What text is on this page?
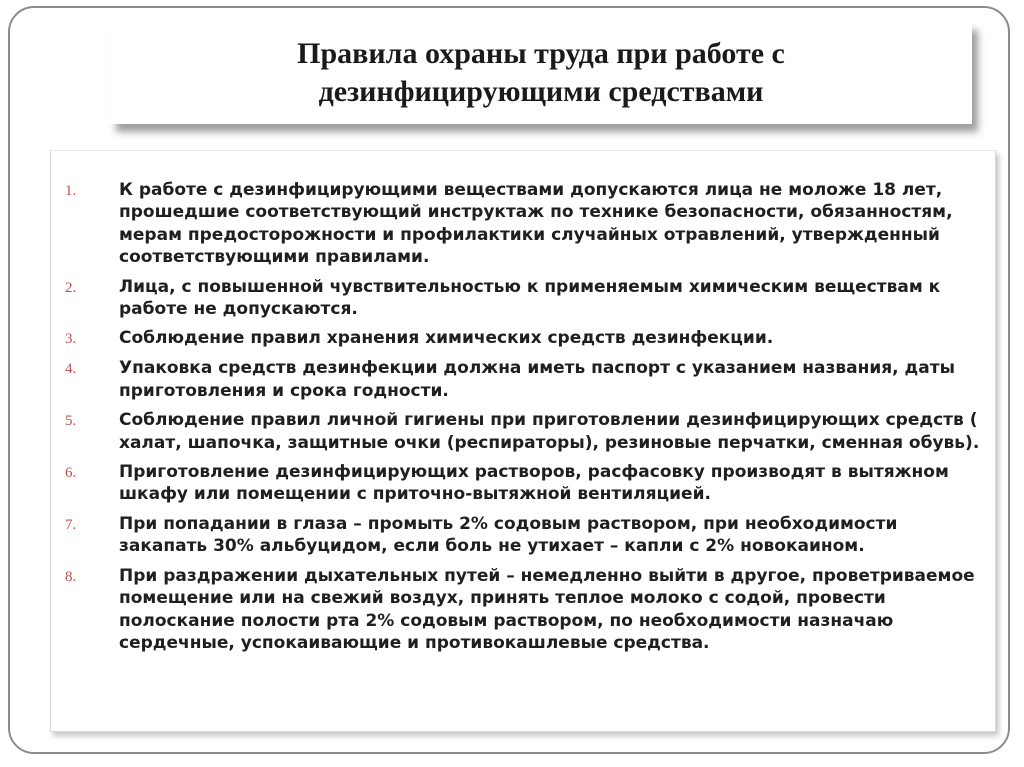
Правила охраны труда при работе с дезинфицирующими средствами
1.	К работе с дезинфицирующими веществами допускаются лица не моложе 18 лет, прошедшие соответствующий инструктаж по технике безопасности, обязанностям, мерам предосторожности и профилактики случайных отравлений, утвержденный соответствующими правилами.
2.	Лица, с повышенной чувствительностью к применяемым химическим веществам к работе не допускаются.
3.	Соблюдение правил хранения химических средств дезинфекции.
4.	Упаковка средств дезинфекции должна иметь паспорт с указанием названия, даты приготовления и срока годности.
5.	Соблюдение правил личной гигиены при приготовлении дезинфицирующих средств ( халат, шапочка, защитные очки (респираторы), резиновые перчатки, сменная обувь).
6.	Приготовление дезинфицирующих растворов, расфасовку производят в вытяжном шкафу или помещении с приточно-вытяжной вентиляцией.
7.	При попадании в глаза – промыть 2% содовым раствором, при необходимости закапать 30% альбуцидом, если боль не утихает – капли с 2% новокаином.
8.	При раздражении дыхательных путей – немедленно выйти в другое, проветриваемое помещение или на свежий воздух, принять теплое молоко с содой, провести полоскание полости рта 2% содовым раствором, по необходимости назначаю сердечные, успокаивающие и противокашлевые средства.
